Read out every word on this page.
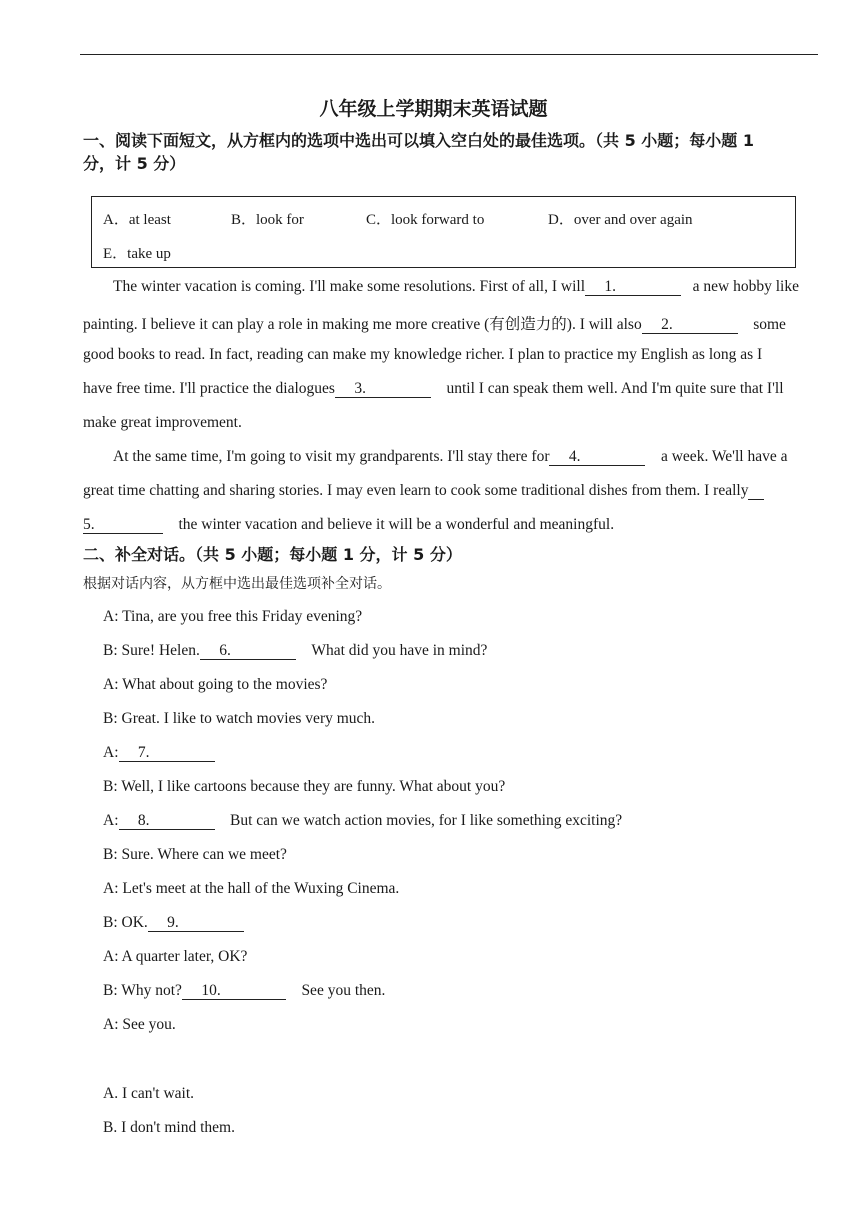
八年级上学期期末英语试题
一、阅读下面短文，从方框内的选项中选出可以填入空白处的最佳选项。（共 5 小题；每小题 1
分，计 5 分）
A．at least	B．look for	C．look forward to	D．over and over again
E．take up
The winter vacation is coming. I'll make some resolutions. First of all, I will 1.	a new hobby like
painting. I believe it can play a role in making me more creative (有创造力的). I will also 2.	some
good books to read. In fact, reading can make my knowledge richer. I plan to practice my English as long as I
have free time. I'll practice the dialogues 3.	until I can speak them well. And I'm quite sure that I'll
make great improvement.
At the same time, I'm going to visit my grandparents. I'll stay there for 4.	a week. We'll have a
great time chatting and sharing stories. I may even learn to cook some traditional dishes from them. I really
5.	the winter vacation and believe it will be a wonderful and meaningful.
二、补全对话。（共 5 小题；每小题 1 分，计 5 分）
根据对话内容，从方框中选出最佳选项补全对话。
A: Tina, are you free this Friday evening?
B: Sure! Helen. 6.	What did you have in mind?
A: What about going to the movies?
B: Great. I like to watch movies very much.
A: 7.
B: Well, I like cartoons because they are funny. What about you?
A: 8.	But can we watch action movies, for I like something exciting?
B: Sure. Where can we meet?
A: Let's meet at the hall of the Wuxing Cinema.
B: OK. 9.
A: A quarter later, OK?
B: Why not? 10.	See you then.
A: See you.
A. I can't wait.
B. I don't mind them.
